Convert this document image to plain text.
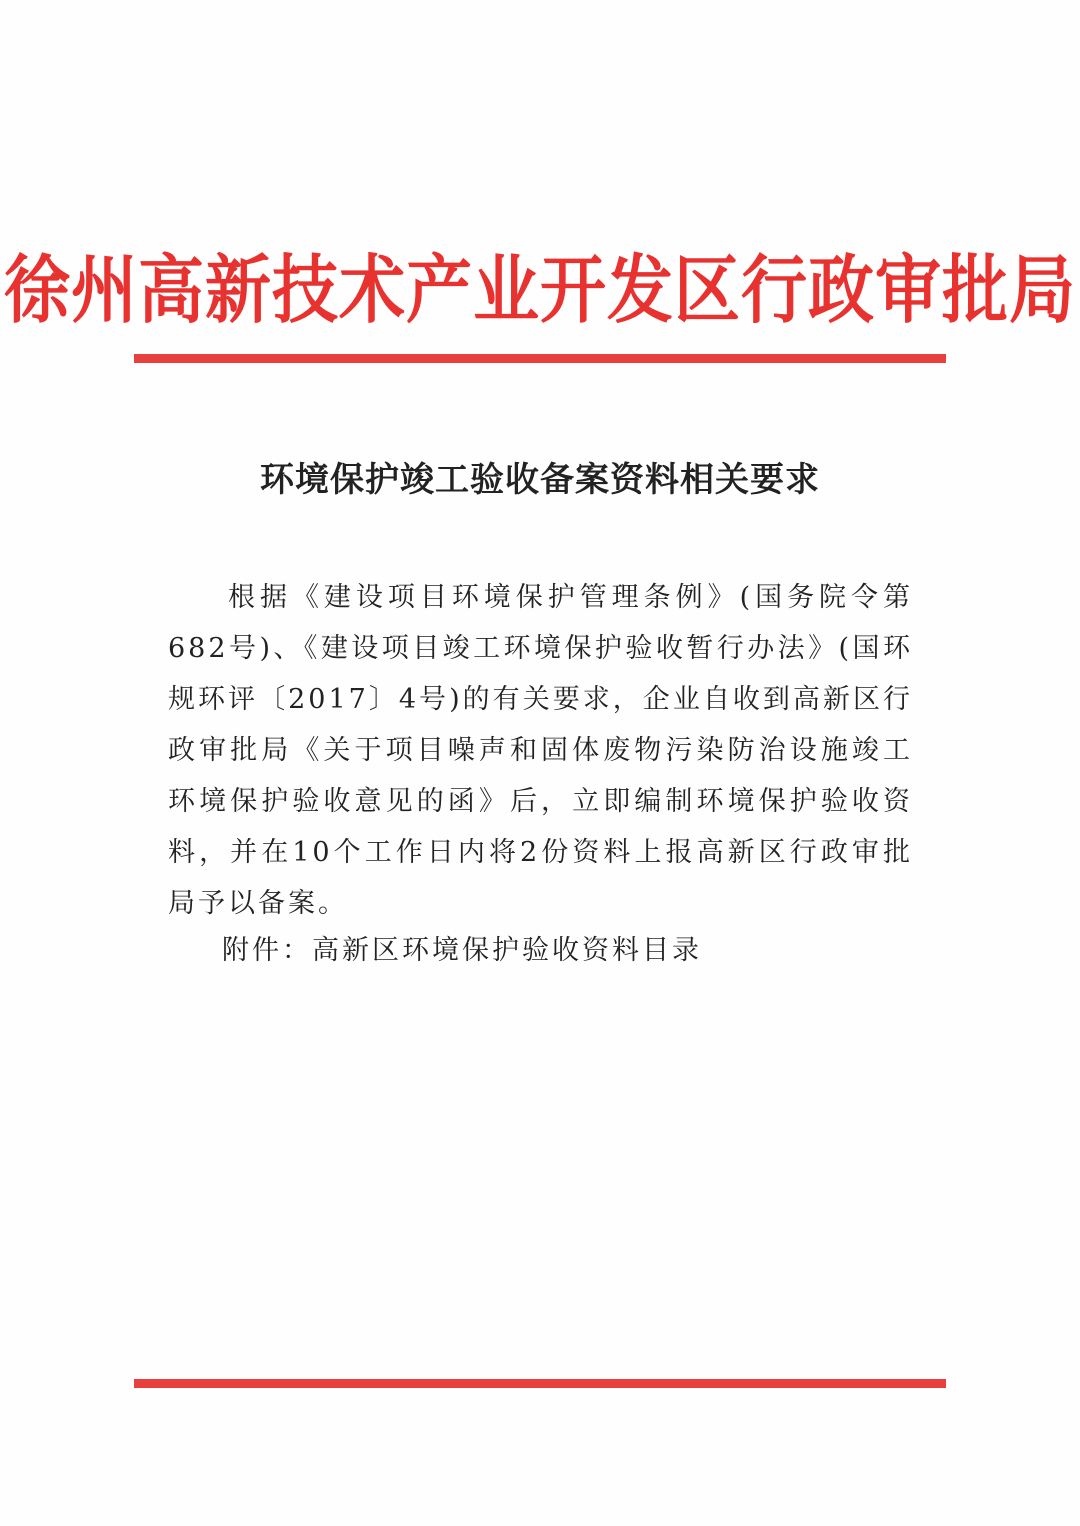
徐州高新技术产业开发区行政审批局
环境保护竣工验收备案资料相关要求
根据《建设项目环境保护管理条例》(国务院令第682号)、《建设项目竣工环境保护验收暂行办法》(国环规环评〔2017〕4号)的有关要求，企业自收到高新区行政审批局《关于项目噪声和固体废物污染防治设施竣工环境保护验收意见的函》后，立即编制环境保护验收资料，并在10个工作日内将2份资料上报高新区行政审批局予以备案。
附件：高新区环境保护验收资料目录
